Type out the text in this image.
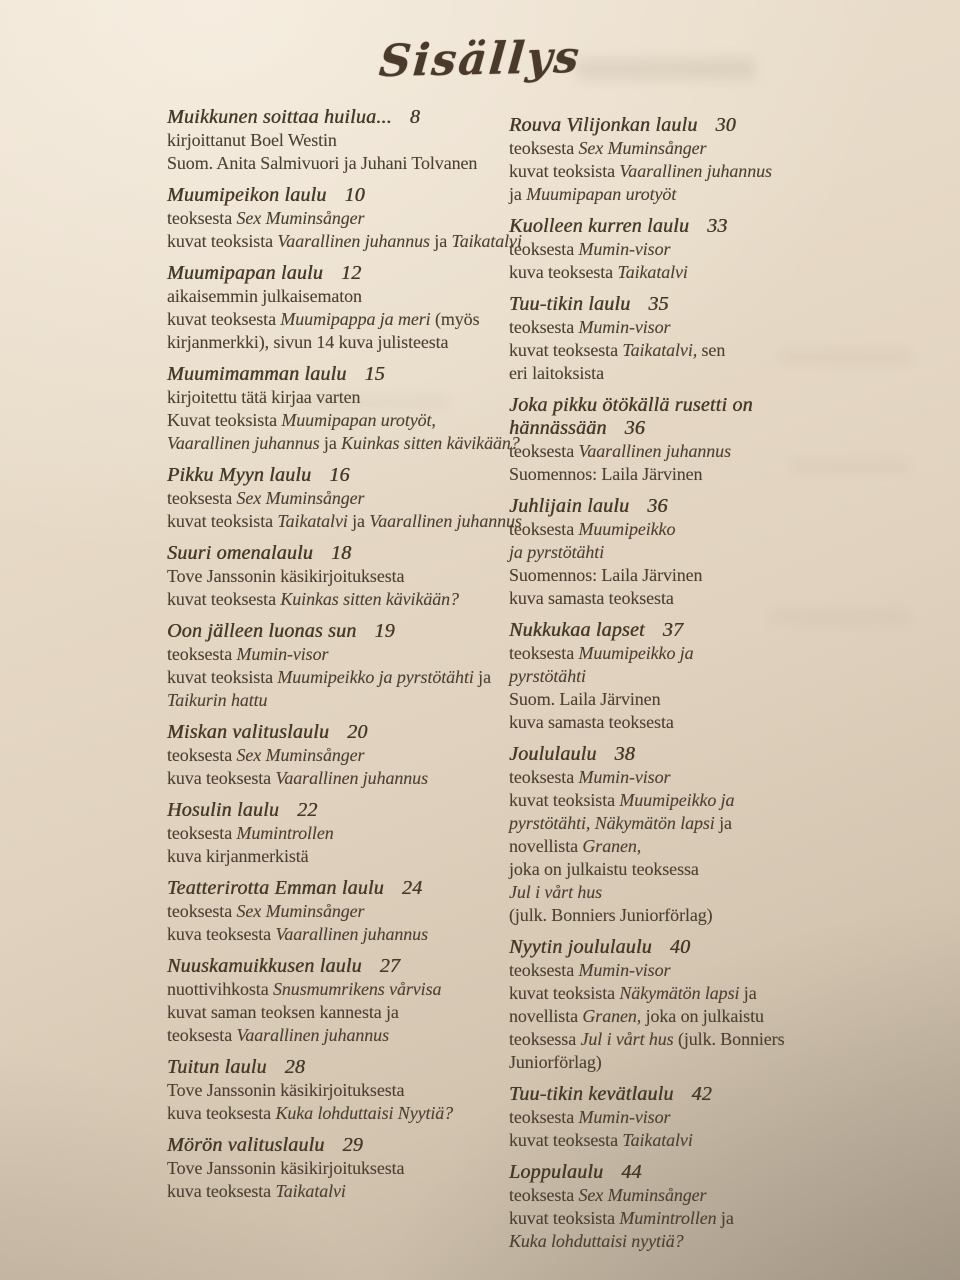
Sisällys
Muikkunen soittaa huilua... 8
kirjoittanut Boel Westin
Suom. Anita Salmivuori ja Juhani Tolvanen
Muumipeikon laulu 10
teoksesta Sex Muminsånger
kuvat teoksista Vaarallinen juhannus ja Taikatalvi
Muumipapan laulu 12
aikaisemmin julkaisematon
kuvat teoksesta Muumipappa ja meri (myös
kirjanmerkki), sivun 14 kuva julisteesta
Muumimamman laulu 15
kirjoitettu tätä kirjaa varten
Kuvat teoksista Muumipapan urotyöt,
Vaarallinen juhannus ja Kuinkas sitten kävikään?
Pikku Myyn laulu 16
teoksesta Sex Muminsånger
kuvat teoksista Taikatalvi ja Vaarallinen juhannus
Suuri omenalaulu 18
Tove Janssonin käsikirjoituksesta
kuvat teoksesta Kuinkas sitten kävikään?
Oon jälleen luonas sun 19
teoksesta Mumin-visor
kuvat teoksista Muumipeikko ja pyrstötähti ja
Taikurin hattu
Miskan valituslaulu 20
teoksesta Sex Muminsånger
kuva teoksesta Vaarallinen juhannus
Hosulin laulu 22
teoksesta Mumintrollen
kuva kirjanmerkistä
Teatterirotta Emman laulu 24
teoksesta Sex Muminsånger
kuva teoksesta Vaarallinen juhannus
Nuuskamuikkusen laulu 27
nuottivihkosta Snusmumrikens vårvisa
kuvat saman teoksen kannesta ja
teoksesta Vaarallinen juhannus
Tuitun laulu 28
Tove Janssonin käsikirjoituksesta
kuva teoksesta Kuka lohduttaisi Nyytiä?
Mörön valituslaulu 29
Tove Janssonin käsikirjoituksesta
kuva teoksesta Taikatalvi
Rouva Vilijonkan laulu 30
teoksesta Sex Muminsånger
kuvat teoksista Vaarallinen juhannus
ja Muumipapan urotyöt
Kuolleen kurren laulu 33
teoksesta Mumin-visor
kuva teoksesta Taikatalvi
Tuu-tikin laulu 35
teoksesta Mumin-visor
kuvat teoksesta Taikatalvi, sen
eri laitoksista
Joka pikku ötökällä rusetti on
hännässään 36
teoksesta Vaarallinen juhannus
Suomennos: Laila Järvinen
Juhlijain laulu 36
teoksesta Muumipeikko
ja pyrstötähti
Suomennos: Laila Järvinen
kuva samasta teoksesta
Nukkukaa lapset 37
teoksesta Muumipeikko ja
pyrstötähti
Suom. Laila Järvinen
kuva samasta teoksesta
Joululaulu 38
teoksesta Mumin-visor
kuvat teoksista Muumipeikko ja
pyrstötähti, Näkymätön lapsi ja
novellista Granen,
joka on julkaistu teoksessa
Jul i vårt hus
(julk. Bonniers Juniorförlag)
Nyytin joululaulu 40
teoksesta Mumin-visor
kuvat teoksista Näkymätön lapsi ja
novellista Granen, joka on julkaistu
teoksessa Jul i vårt hus (julk. Bonniers
Juniorförlag)
Tuu-tikin kevätlaulu 42
teoksesta Mumin-visor
kuvat teoksesta Taikatalvi
Loppulaulu 44
teoksesta Sex Muminsånger
kuvat teoksista Mumintrollen ja
Kuka lohduttaisi nyytiä?
